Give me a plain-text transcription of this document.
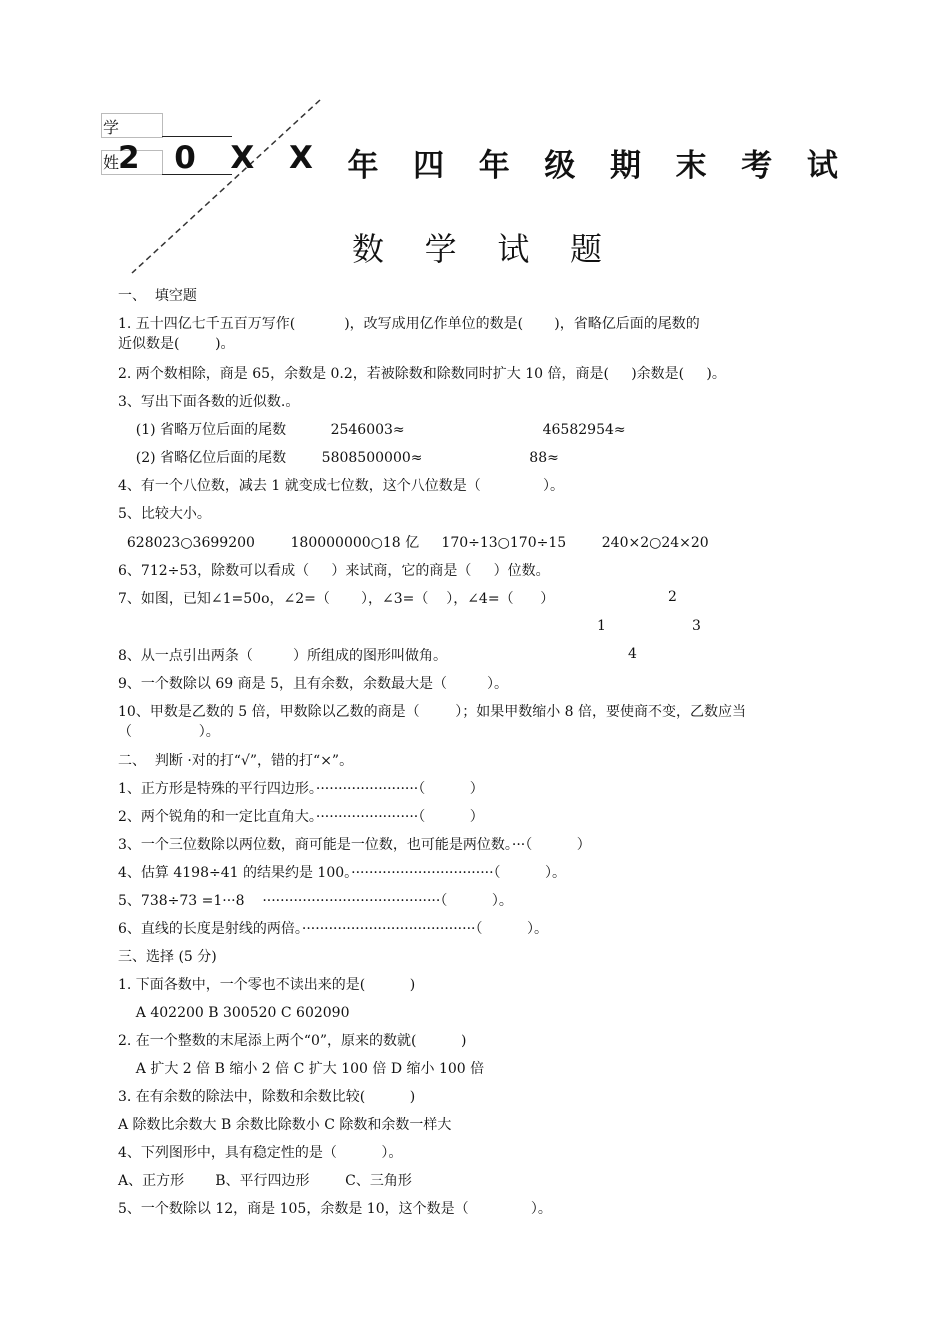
学
姓
2 0 X X 年 四 年 级 期 末 考 试
数 学 试 题
一、  填空题
1. 五十四亿七千五百万写作(           )，改写成用亿作单位的数是(       )，省略亿后面的尾数的
近似数是(        )。
2. 两个数相除，商是 65，余数是 0.2，若被除数和除数同时扩大 10 倍，商是(     )余数是(     )。
3、写出下面各数的近似数.。
(1) 省略万位后面的尾数          2546003≈                               46582954≈
(2) 省略亿位后面的尾数        5808500000≈                        88≈
4、有一个八位数，减去 1 就变成七位数，这个八位数是（              ）。
5、比较大小。
628023○3699200        180000000○18 亿     170÷13○170÷15        240×2○24×20
6、712÷53，除数可以看成（     ）来试商，它的商是（     ）位数。
7、如图，已知∠1=50o，∠2=（       ），∠3=（    ），∠4=（      ）	2
1	3
8、从一点引出两条（         ）所组成的图形叫做角。	4
9、一个数除以 69 商是 5，且有余数，余数最大是（         ）。
10、甲数是乙数的 5 倍，甲数除以乙数的商是（        ）；如果甲数缩小 8 倍，要使商不变，乙数应当
（               ）。
二、  判断 ·对的打“√”，错的打“×”。
1、正方形是特殊的平行四边形。·······················（          ）
2、两个锐角的和一定比直角大。·······················（          ）
3、一个三位数除以两位数，商可能是一位数，也可能是两位数。···（          ）
4、估算 4198÷41 的结果约是 100。································（          ）。
5、738÷73 =1···8    ········································（          ）。
6、直线的长度是射线的两倍。·······································（          ）。
三、选择 (5 分)
1. 下面各数中，一个零也不读出来的是(          )
A 402200 B 300520 C 602090
2. 在一个整数的末尾添上两个“0”，原来的数就(          )
A 扩大 2 倍 B 缩小 2 倍 C 扩大 100 倍 D 缩小 100 倍
3. 在有余数的除法中，除数和余数比较(          )
A 除数比余数大 B 余数比除数小 C 除数和余数一样大
4、下列图形中，具有稳定性的是（          ）。
A、正方形       B、平行四边形        C、三角形
5、一个数除以 12，商是 105，余数是 10，这个数是（              ）。
